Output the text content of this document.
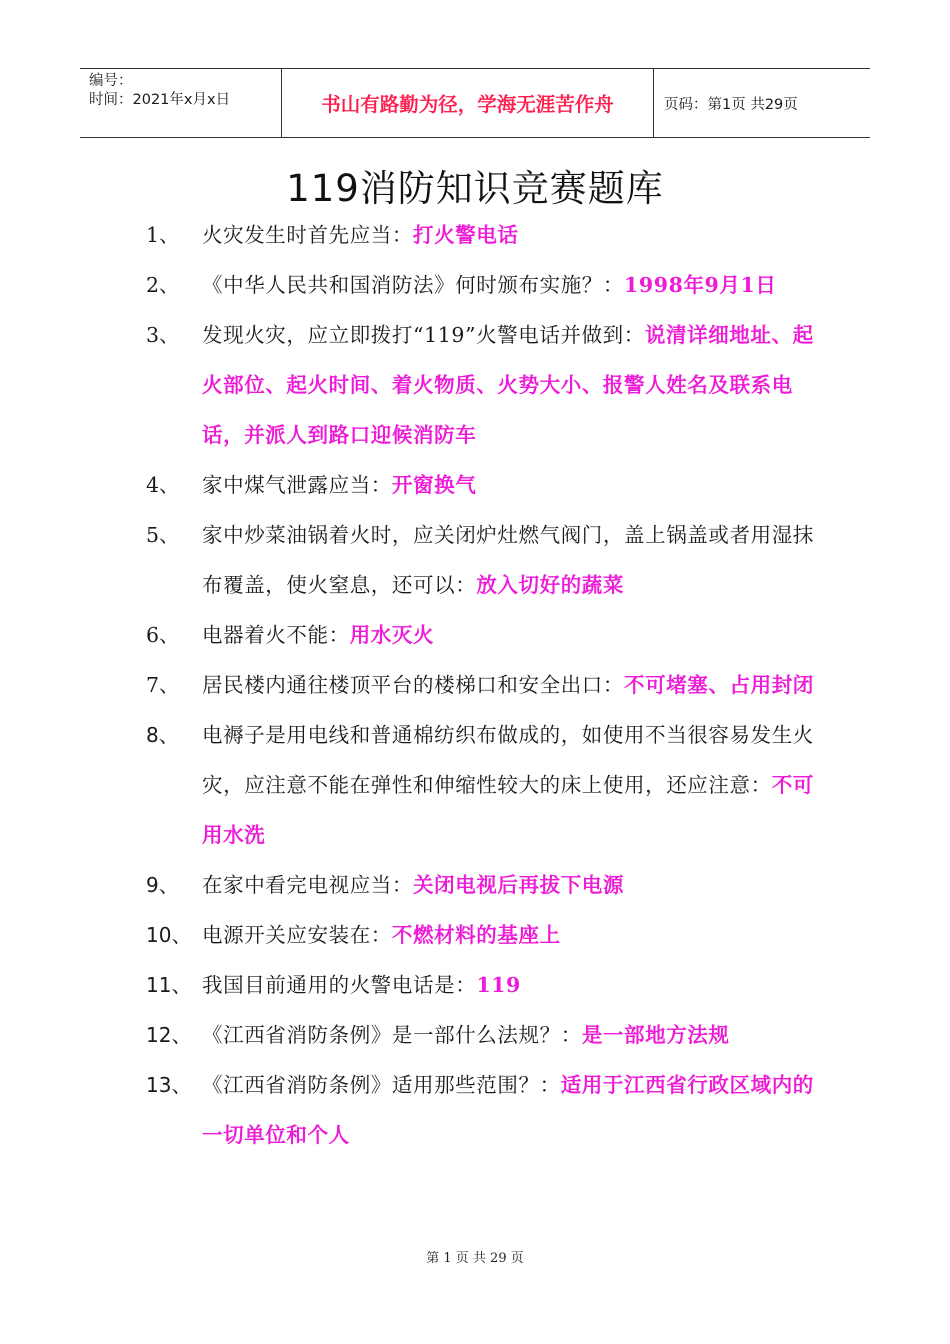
编号：
时间：2021年x月x日	书山有路勤为径，学海无涯苦作舟	页码：第1页 共29页
119消防知识竞赛题库
1、	火灾发生时首先应当：打火警电话
2、	《中华人民共和国消防法》何时颁布实施？：1998年9月1日
3、	发现火灾，应立即拨打“119”火警电话并做到：说清详细地址、起火部位、起火时间、着火物质、火势大小、报警人姓名及联系电话，并派人到路口迎候消防车
4、	家中煤气泄露应当：开窗换气
5、	家中炒菜油锅着火时，应关闭炉灶燃气阀门，盖上锅盖或者用湿抹布覆盖，使火窒息，还可以：放入切好的蔬菜
6、	电器着火不能：用水灭火
7、	居民楼内通往楼顶平台的楼梯口和安全出口：不可堵塞、占用封闭
8、	电褥子是用电线和普通棉纺织布做成的，如使用不当很容易发生火灾，应注意不能在弹性和伸缩性较大的床上使用，还应注意：不可用水洗
9、	在家中看完电视应当：关闭电视后再拔下电源
10、 电源开关应安装在：不燃材料的基座上
11、 我国目前通用的火警电话是：119
12、 《江西省消防条例》是一部什么法规？：是一部地方法规
13、 《江西省消防条例》适用那些范围？：适用于江西省行政区域内的一切单位和个人
第 1 页 共 29 页
